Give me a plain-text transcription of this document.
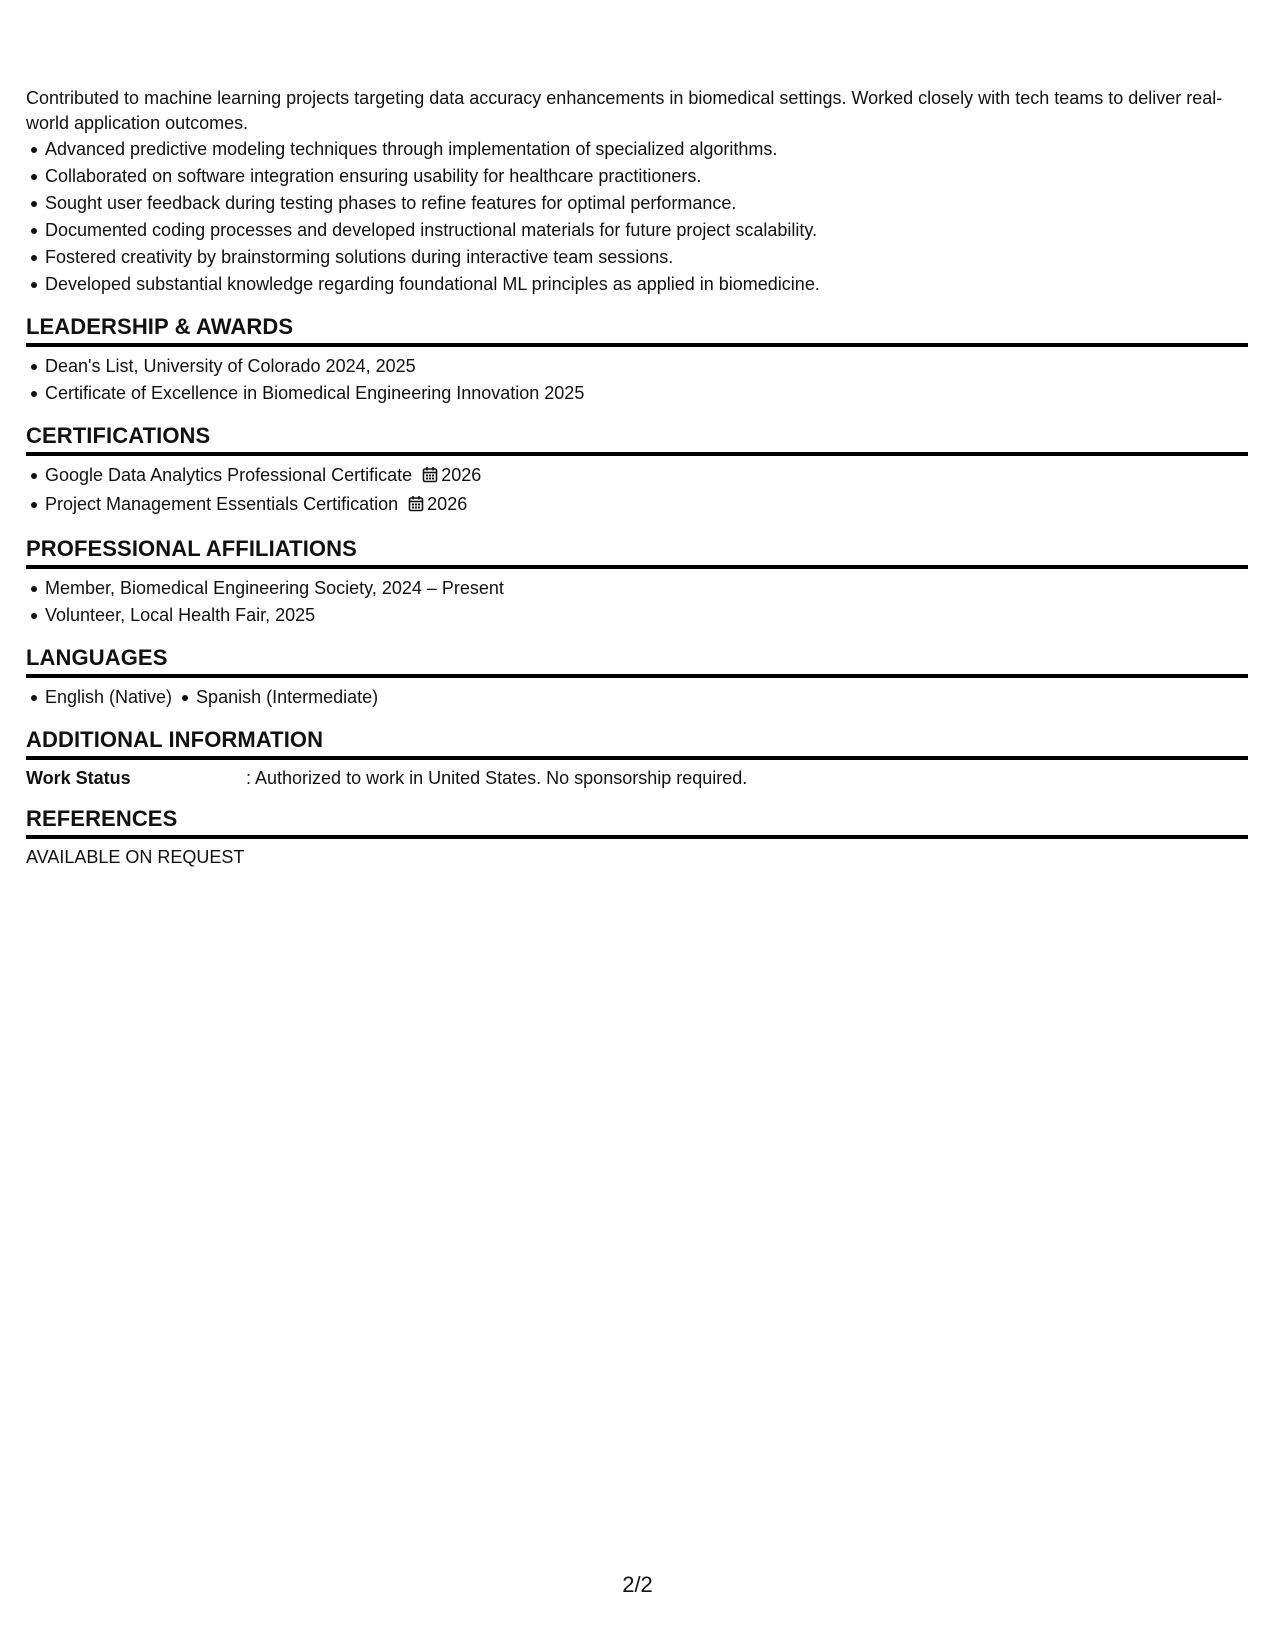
Contributed to machine learning projects targeting data accuracy enhancements in biomedical settings. Worked closely with tech teams to deliver real-world application outcomes.

Advanced predictive modeling techniques through implementation of specialized algorithms.
Collaborated on software integration ensuring usability for healthcare practitioners.
Sought user feedback during testing phases to refine features for optimal performance.
Documented coding processes and developed instructional materials for future project scalability.
Fostered creativity by brainstorming solutions during interactive team sessions.
Developed substantial knowledge regarding foundational ML principles as applied in biomedicine.
LEADERSHIP & AWARDS
Dean's List, University of Colorado 2024, 2025
Certificate of Excellence in Biomedical Engineering Innovation 2025
CERTIFICATIONS
Google Data Analytics Professional Certificate 2026
Project Management Essentials Certification 2026
PROFESSIONAL AFFILIATIONS
Member, Biomedical Engineering Society, 2024 – Present
Volunteer, Local Health Fair, 2025
LANGUAGES
English (Native) Spanish (Intermediate)
ADDITIONAL INFORMATION
Work Status	: Authorized to work in United States. No sponsorship required.
REFERENCES
AVAILABLE ON REQUEST
2/2
